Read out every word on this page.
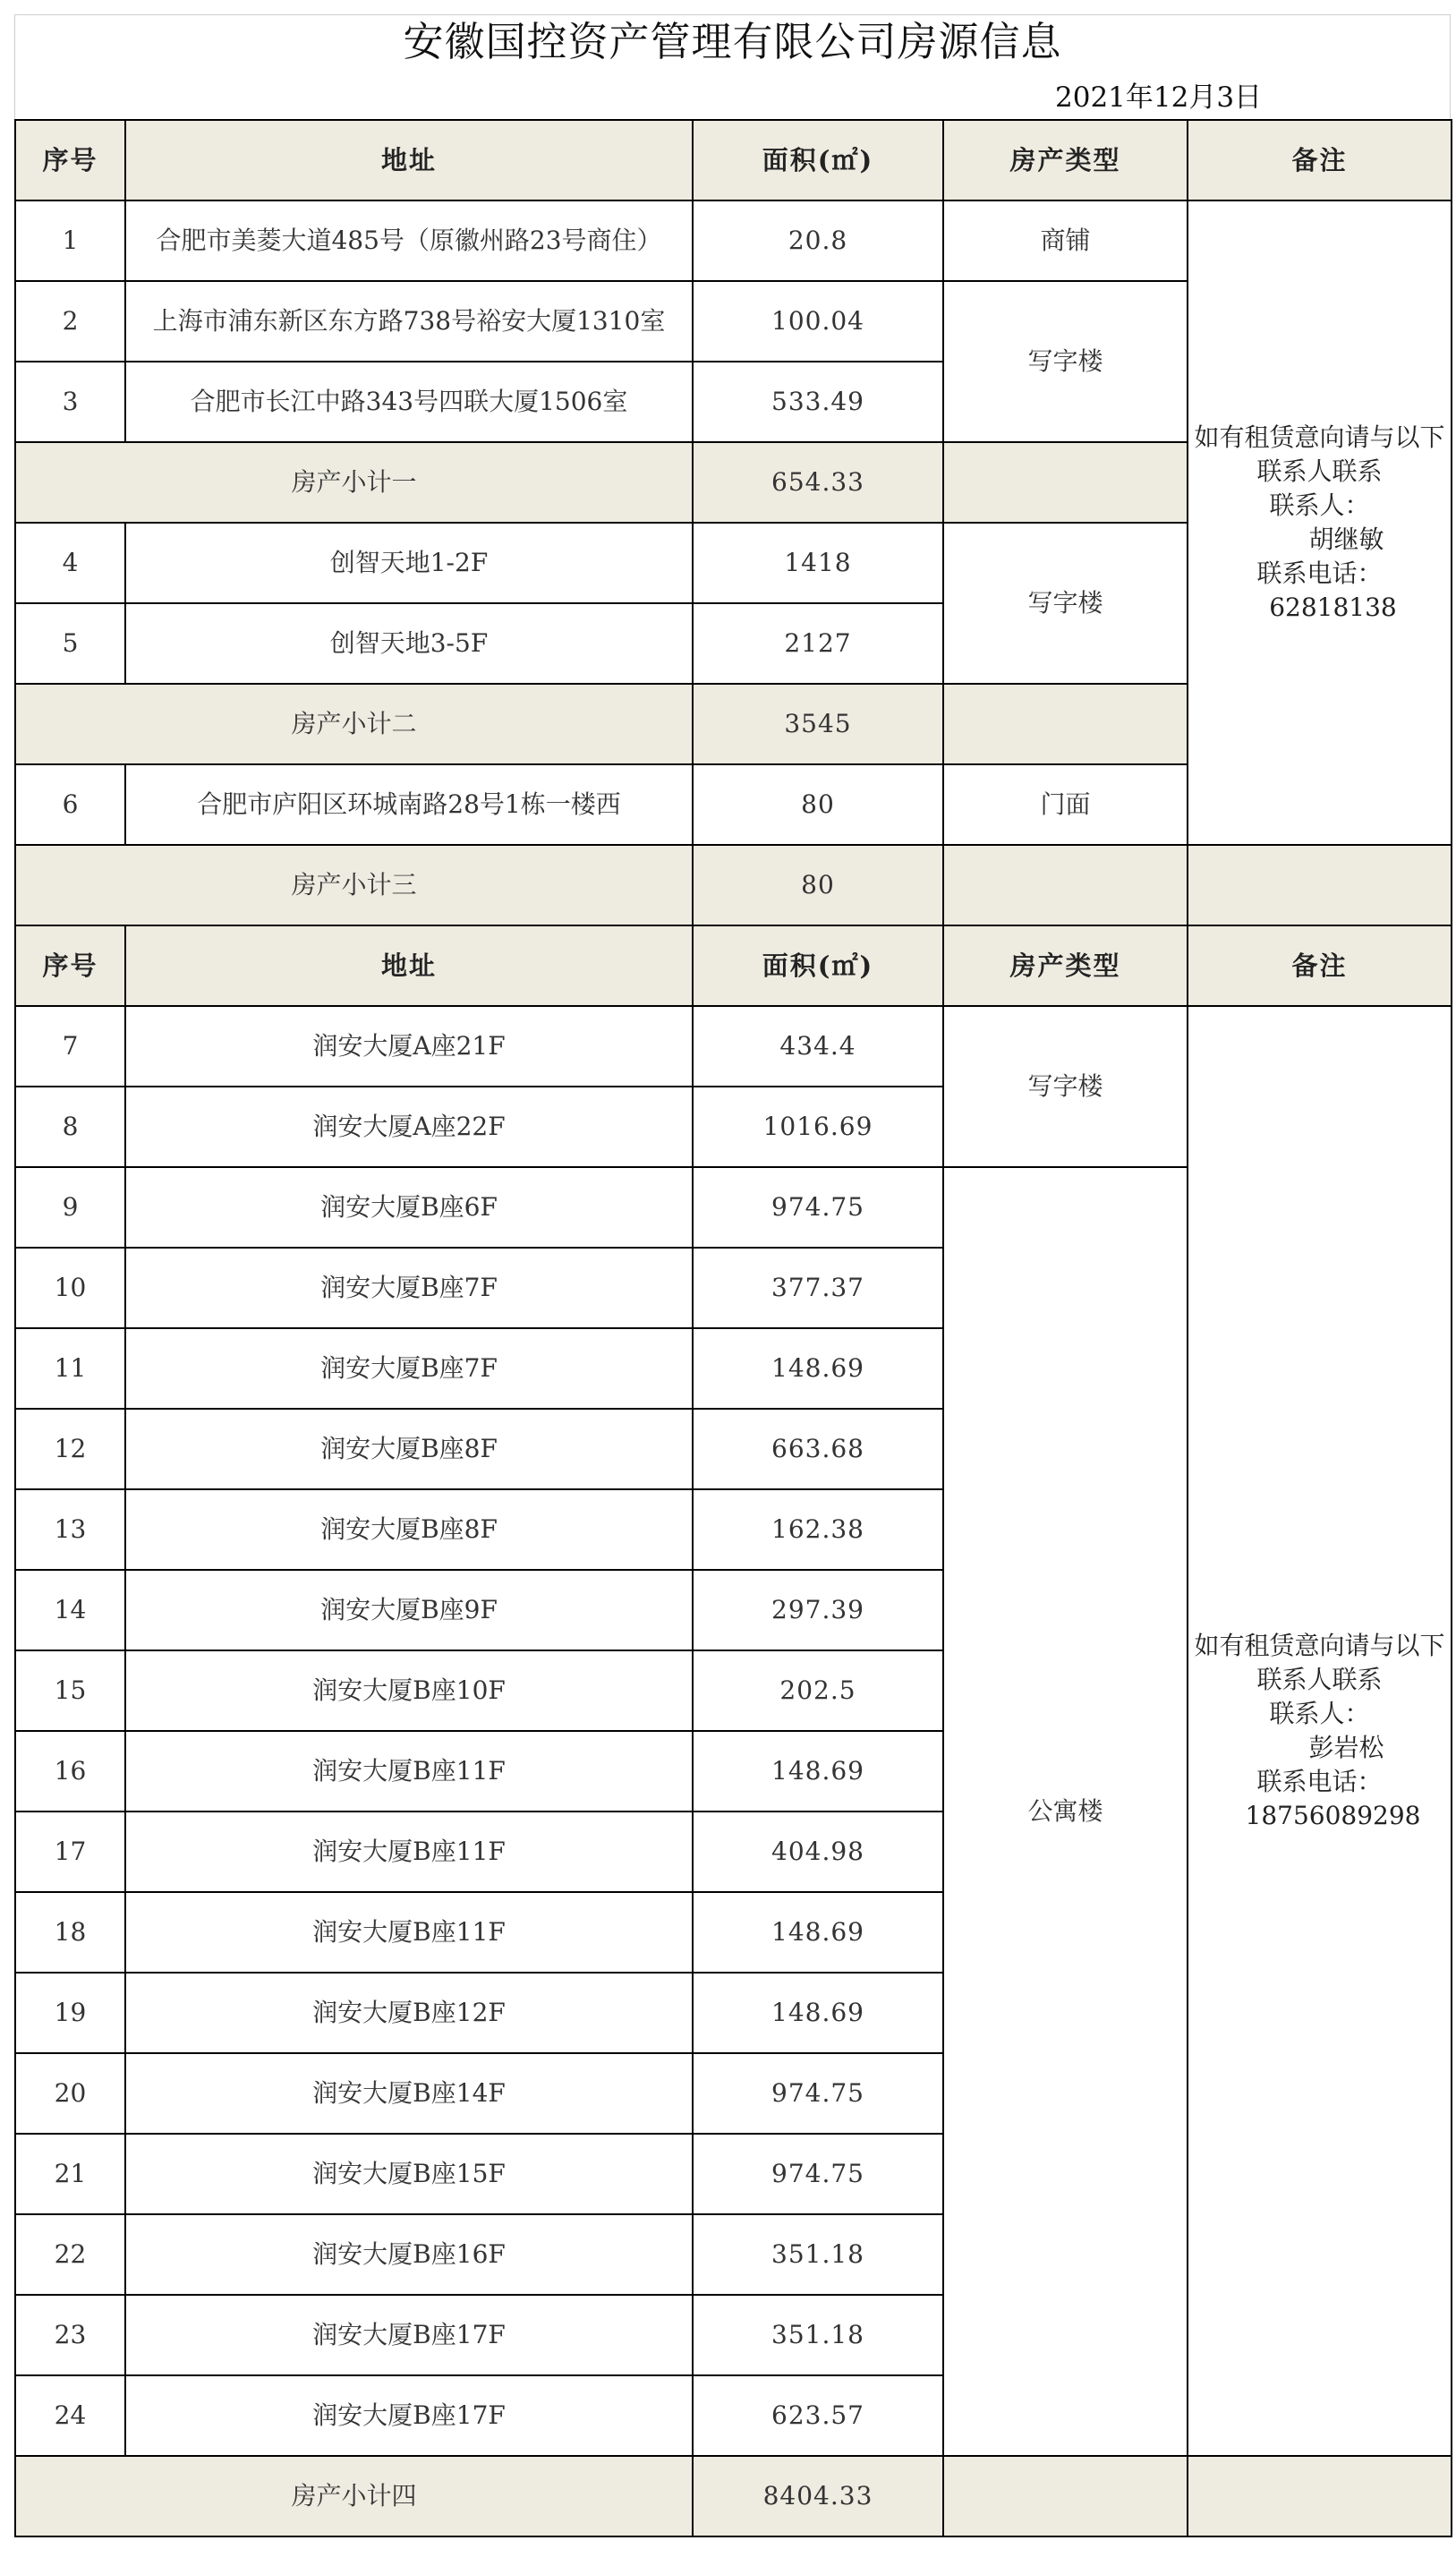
安徽国控资产管理有限公司房源信息
2021年12月3日
序号	地址	面积(㎡)	房产类型	备注
1	合肥市美菱大道485号（原徽州路23号商住）	20.8	商铺	如有租赁意向请与以下联系人联系
联系人：
胡继敏
联系电话：
62818138

2	上海市浦东新区东方路738号裕安大厦1310室	100.04	写字楼	
3	合肥市长江中路343号四联大厦1506室	533.49		
房产小计一		654.33		
4	创智天地1-2F	1418	写字楼	
5	创智天地3-5F	2127		
房产小计二		3545		
6	合肥市庐阳区环城南路28号1栋一楼西	80	门面	
房产小计三		80		
序号	地址	面积(㎡)	房产类型	备注
7	润安大厦A座21F	434.4	写字楼	如有租赁意向请与以下联系人联系
联系人：
彭岩松
联系电话：
18756089298

8	润安大厦A座22F	1016.69		
9	润安大厦B座6F	974.75	公寓楼	
10	润安大厦B座7F	377.37		
11	润安大厦B座7F	148.69		
12	润安大厦B座8F	663.68		
13	润安大厦B座8F	162.38		
14	润安大厦B座9F	297.39		
15	润安大厦B座10F	202.5		
16	润安大厦B座11F	148.69		
17	润安大厦B座11F	404.98		
18	润安大厦B座11F	148.69		
19	润安大厦B座12F	148.69		
20	润安大厦B座14F	974.75		
21	润安大厦B座15F	974.75		
22	润安大厦B座16F	351.18		
23	润安大厦B座17F	351.18		
24	润安大厦B座17F	623.57		
房产小计四		8404.33		
